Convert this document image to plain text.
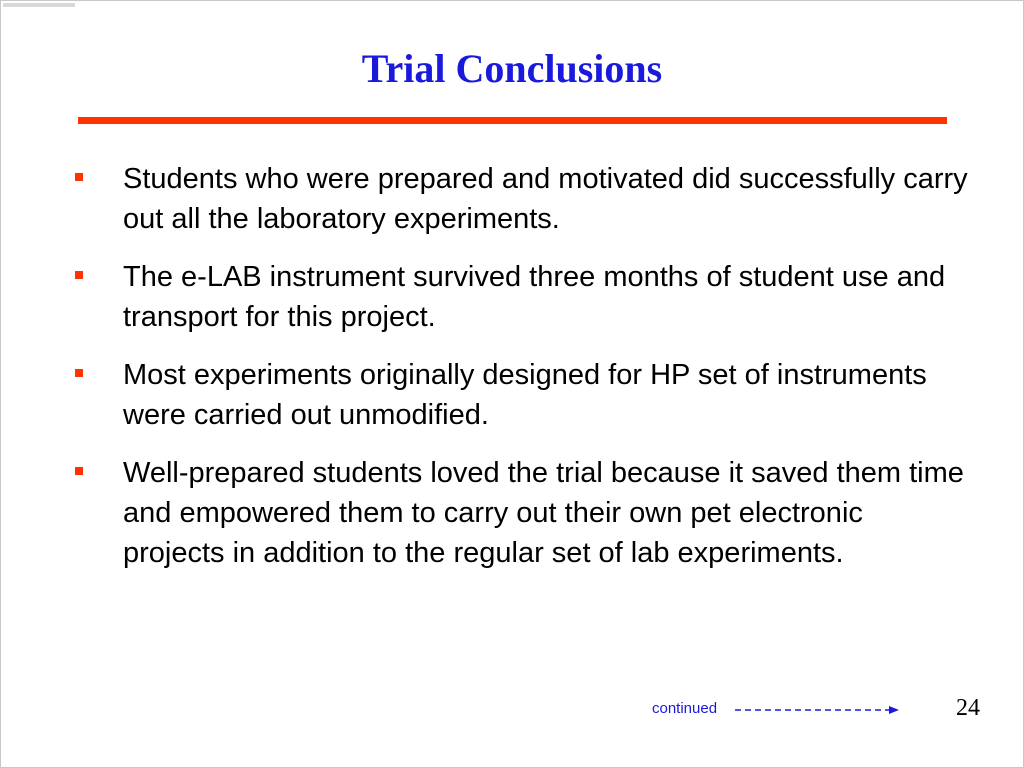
Trial Conclusions
Students who were prepared and motivated did successfully carry out all the laboratory experiments.
The e-LAB instrument survived three months of student use and transport for this project.
Most experiments originally designed for HP set of instruments were carried out unmodified.
Well-prepared students loved the trial because it saved them time and empowered them to carry out their own pet electronic projects in addition to the regular set of lab experiments.
continued	24
